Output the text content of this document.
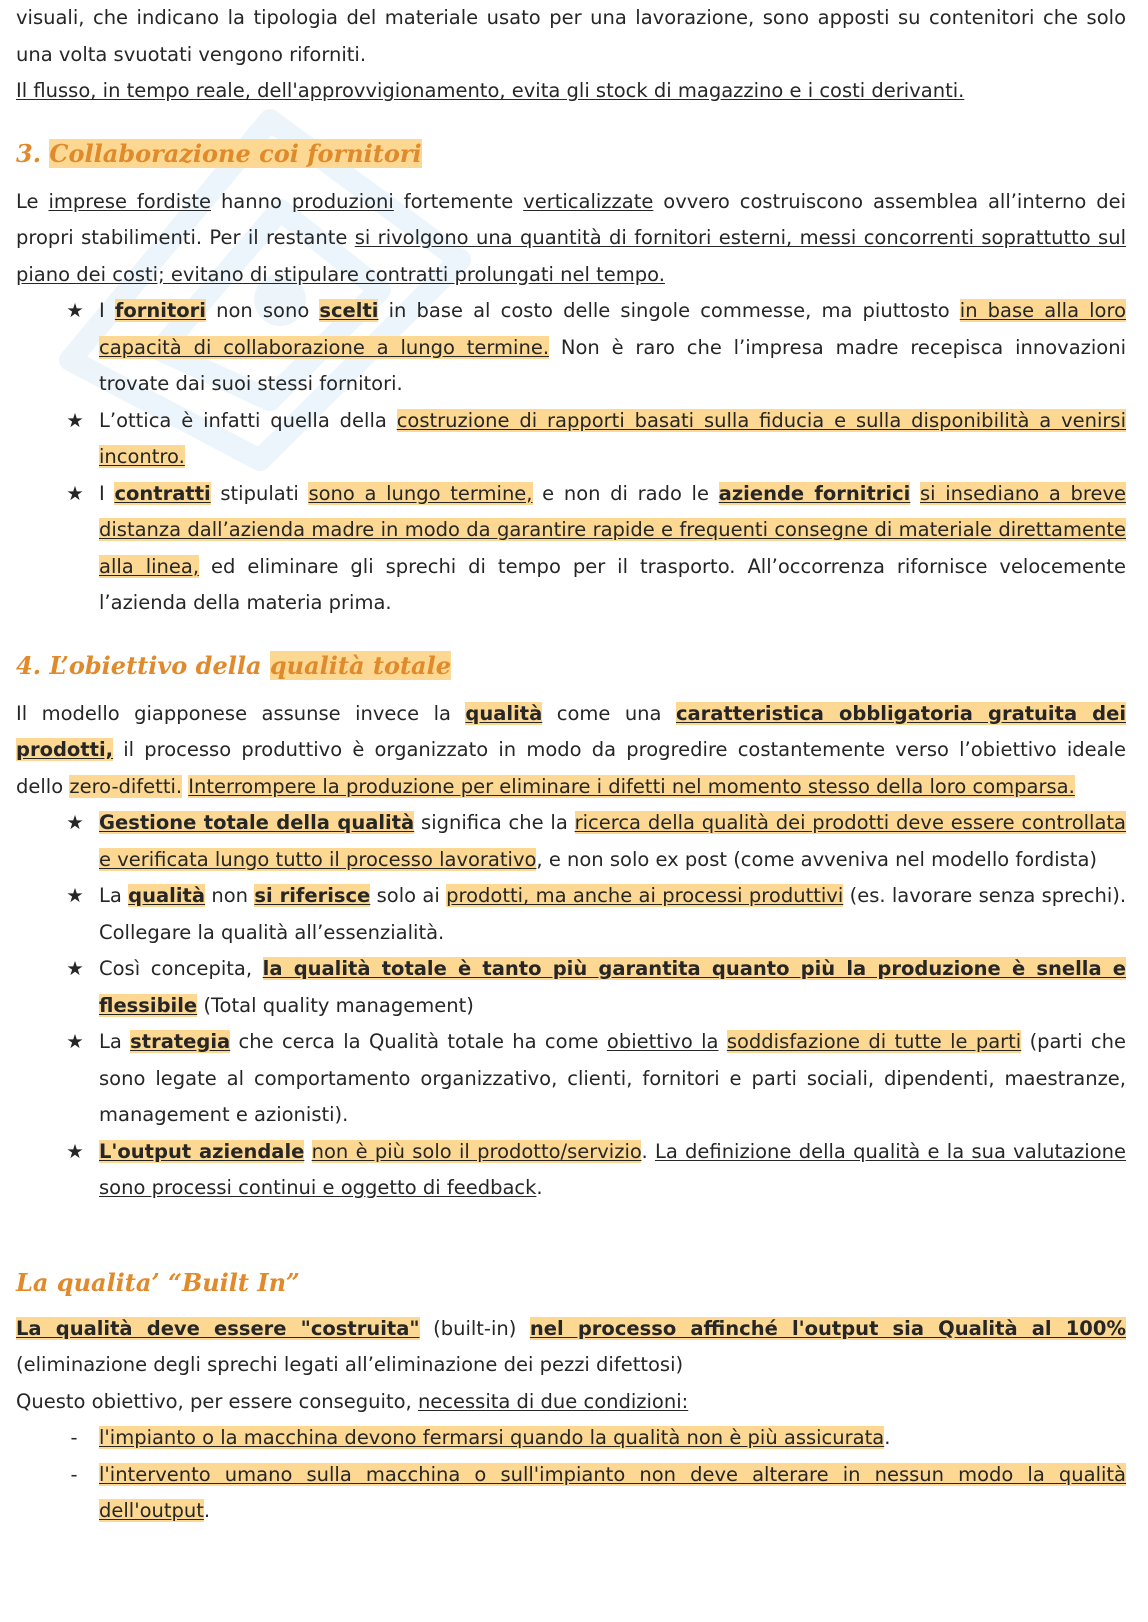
visuali, che indicano la tipologia del materiale usato per una lavorazione, sono apposti su contenitori che solo una volta svuotati vengono riforniti.
Il flusso, in tempo reale, dell'approvvigionamento, evita gli stock di magazzino e i costi derivanti.

3. Collaborazione coi fornitori

Le imprese fordiste hanno produzioni fortemente verticalizzate ovvero costruiscono assemblea all’interno dei propri stabilimenti. Per il restante si rivolgono una quantità di fornitori esterni, messi concorrenti soprattutto sul piano dei costi; evitano di stipulare contratti prolungati nel tempo.

★ I fornitori non sono scelti in base al costo delle singole commesse, ma piuttosto in base alla loro capacità di collaborazione a lungo termine. Non è raro che l’impresa madre recepisca innovazioni trovate dai suoi stessi fornitori.
★ L’ottica è infatti quella della costruzione di rapporti basati sulla fiducia e sulla disponibilità a venirsi incontro.
★ I contratti stipulati sono a lungo termine, e non di rado le aziende fornitrici si insediano a breve distanza dall’azienda madre in modo da garantire rapide e frequenti consegne di materiale direttamente alla linea, ed eliminare gli sprechi di tempo per il trasporto. All’occorrenza rifornisce velocemente l’azienda della materia prima.
4. L’obiettivo della qualità totale

Il modello giapponese assunse invece la qualità come una caratteristica obbligatoria gratuita dei prodotti, il processo produttivo è organizzato in modo da progredire costantemente verso l’obiettivo ideale dello zero-difetti. Interrompere la produzione per eliminare i difetti nel momento stesso della loro comparsa.

★ Gestione totale della qualità significa che la ricerca della qualità dei prodotti deve essere controllata e verificata lungo tutto il processo lavorativo, e non solo ex post (come avveniva nel modello fordista)
★ La qualità non si riferisce solo ai prodotti, ma anche ai processi produttivi (es. lavorare senza sprechi). Collegare la qualità all’essenzialità.
★ Così concepita, la qualità totale è tanto più garantita quanto più la produzione è snella e flessibile (Total quality management)
★ La strategia che cerca la Qualità totale ha come obiettivo la soddisfazione di tutte le parti (parti che sono legate al comportamento organizzativo, clienti, fornitori e parti sociali, dipendenti, maestranze, management e azionisti).
★ L'output aziendale non è più solo il prodotto/servizio. La definizione della qualità e la sua valutazione sono processi continui e oggetto di feedback.
La qualita’ “Built In”

La qualità deve essere "costruita" (built-in) nel processo affinché l'output sia Qualità al 100% (eliminazione degli sprechi legati all’eliminazione dei pezzi difettosi)

Questo obiettivo, per essere conseguito, necessita di due condizioni:

-	l'impianto o la macchina devono fermarsi quando la qualità non è più assicurata.
-	l'intervento umano sulla macchina o sull'impianto non deve alterare in nessun modo la qualità dell'output.
